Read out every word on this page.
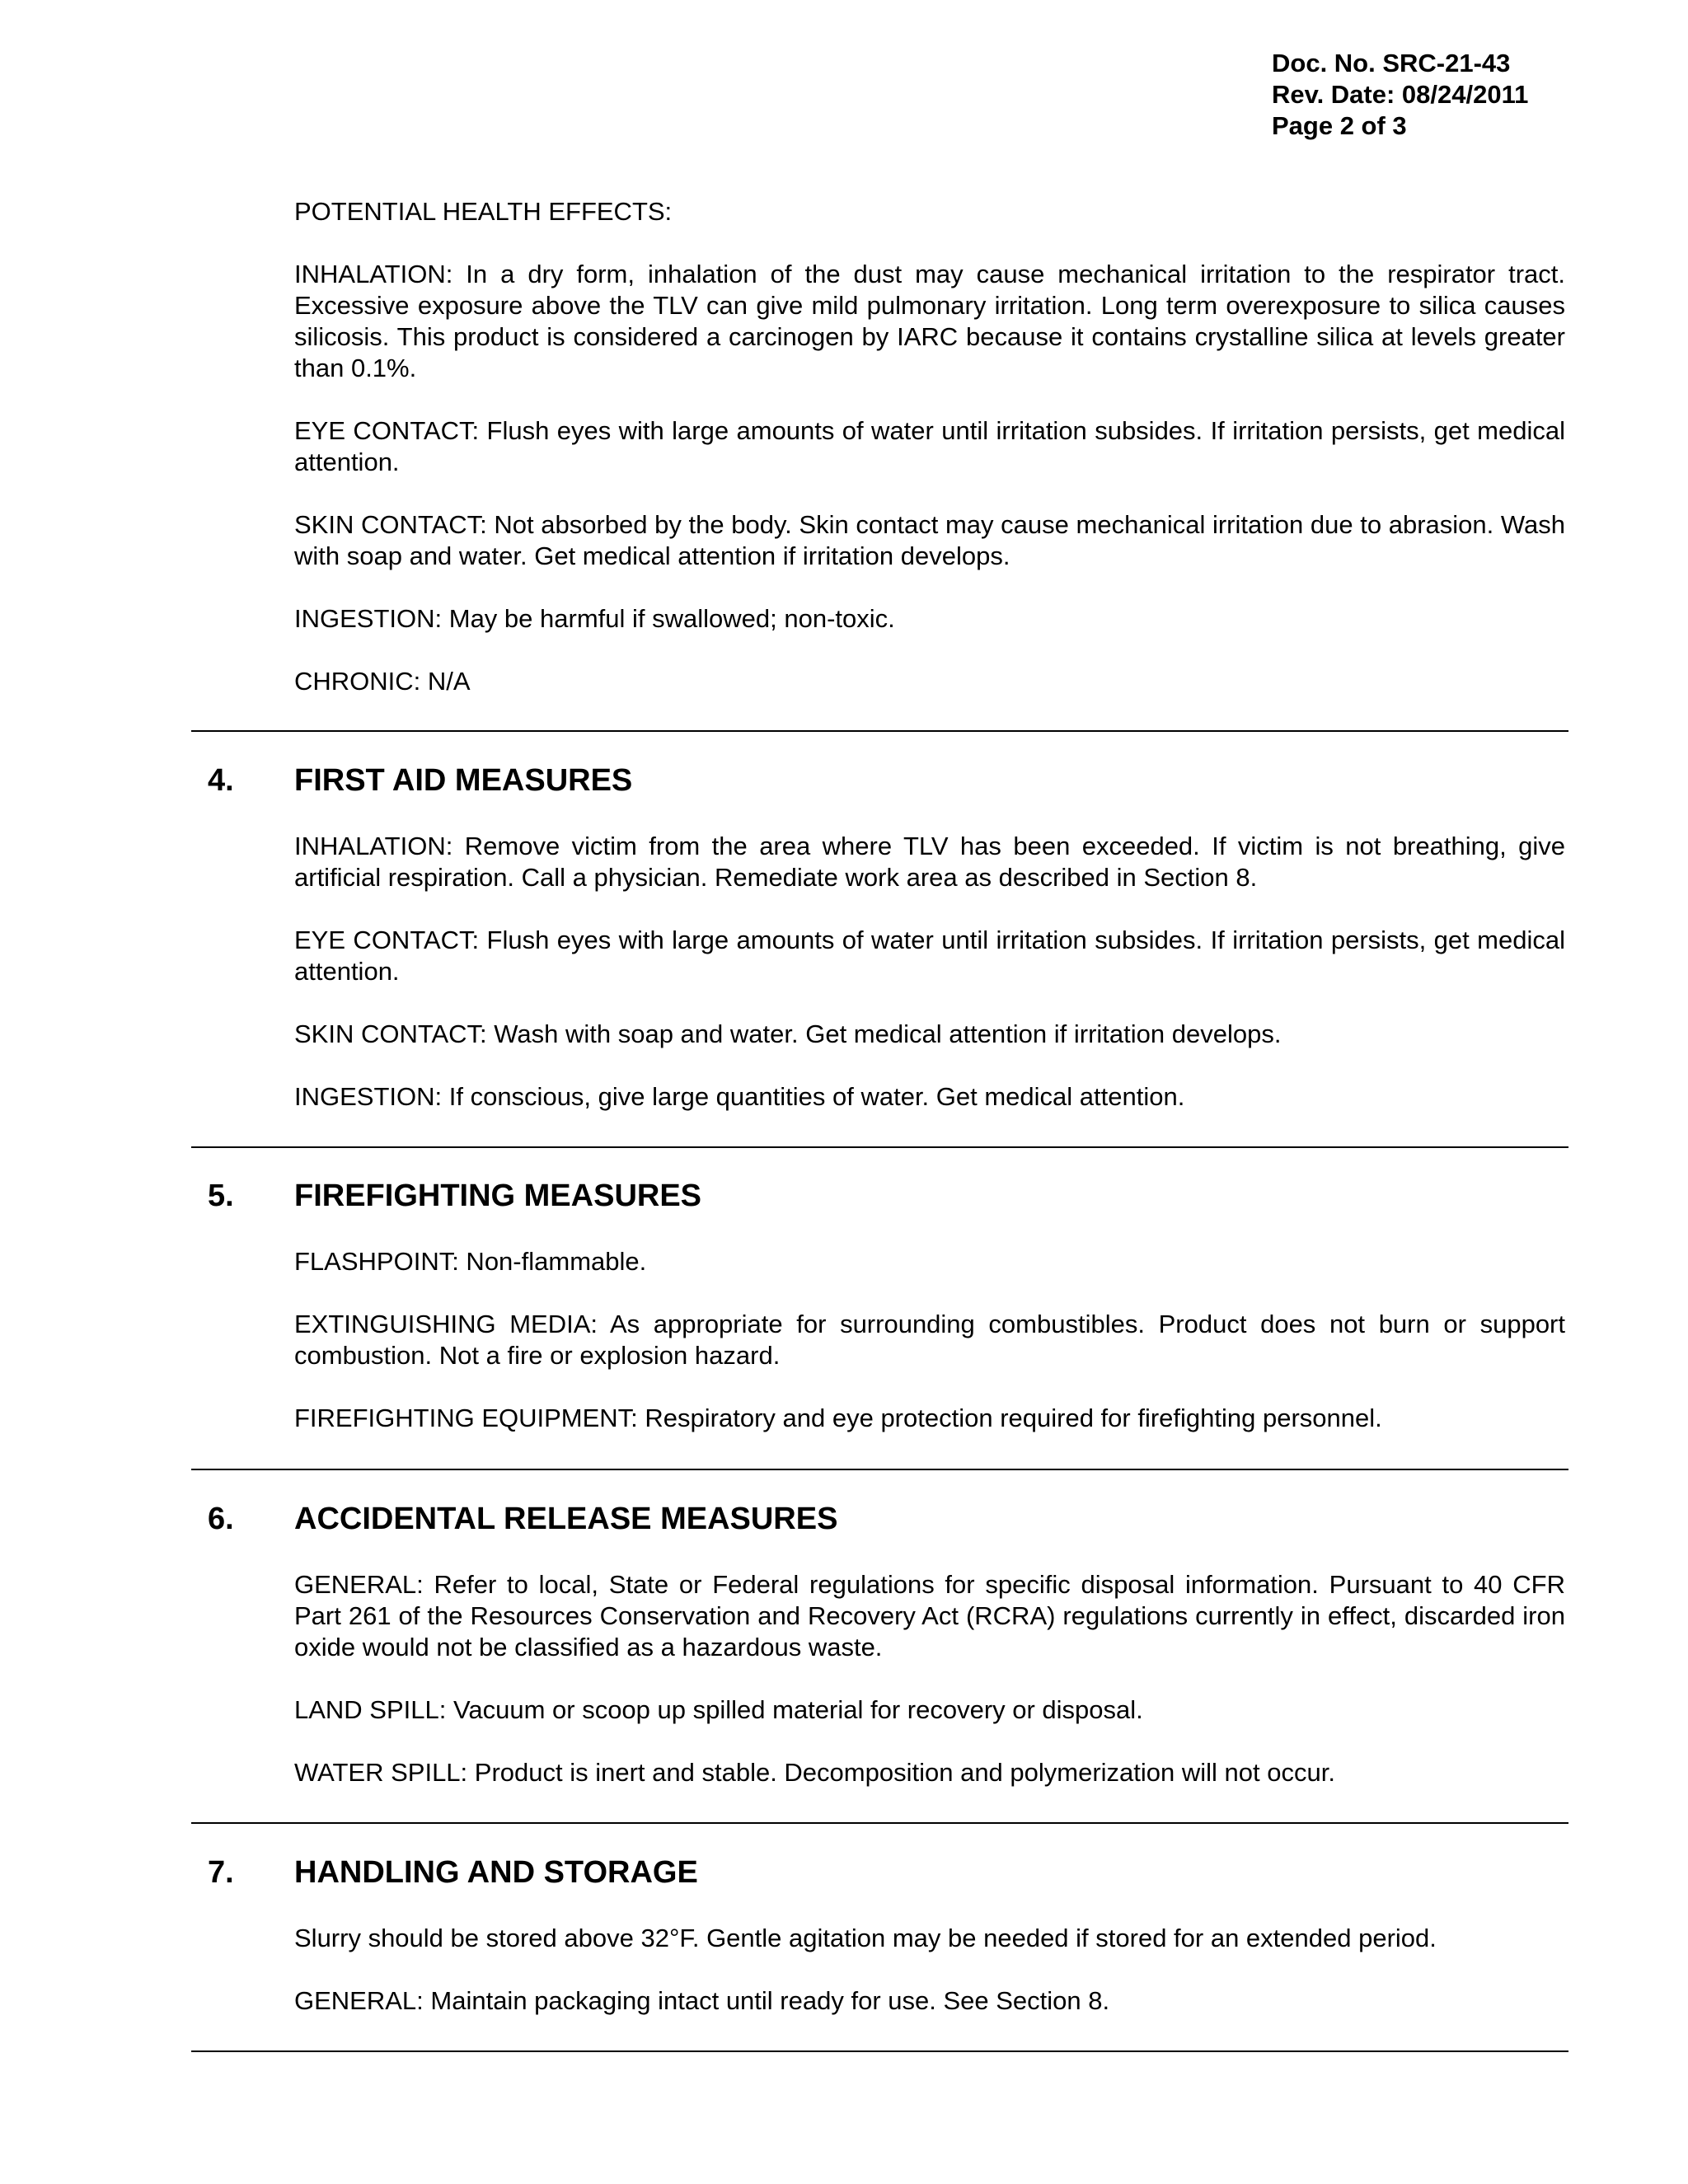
Doc. No. SRC-21-43
Rev. Date: 08/24/2011
Page 2 of 3
POTENTIAL HEALTH EFFECTS:
INHALATION: In a dry form, inhalation of the dust may cause mechanical irritation to the respirator tract. Excessive exposure above the TLV can give mild pulmonary irritation. Long term overexposure to silica causes silicosis. This product is considered a carcinogen by IARC because it contains crystalline silica at levels greater than 0.1%.
EYE CONTACT: Flush eyes with large amounts of water until irritation subsides. If irritation persists, get medical attention.
SKIN CONTACT: Not absorbed by the body. Skin contact may cause mechanical irritation due to abrasion. Wash with soap and water. Get medical attention if irritation develops.
INGESTION: May be harmful if swallowed; non-toxic.
CHRONIC: N/A
4. FIRST AID MEASURES
INHALATION: Remove victim from the area where TLV has been exceeded. If victim is not breathing, give artificial respiration. Call a physician. Remediate work area as described in Section 8.
EYE CONTACT: Flush eyes with large amounts of water until irritation subsides. If irritation persists, get medical attention.
SKIN CONTACT: Wash with soap and water. Get medical attention if irritation develops.
INGESTION: If conscious, give large quantities of water. Get medical attention.
5. FIREFIGHTING MEASURES
FLASHPOINT: Non-flammable.
EXTINGUISHING MEDIA: As appropriate for surrounding combustibles. Product does not burn or support combustion. Not a fire or explosion hazard.
FIREFIGHTING EQUIPMENT: Respiratory and eye protection required for firefighting personnel.
6. ACCIDENTAL RELEASE MEASURES
GENERAL: Refer to local, State or Federal regulations for specific disposal information. Pursuant to 40 CFR Part 261 of the Resources Conservation and Recovery Act (RCRA) regulations currently in effect, discarded iron oxide would not be classified as a hazardous waste.
LAND SPILL: Vacuum or scoop up spilled material for recovery or disposal.
WATER SPILL: Product is inert and stable. Decomposition and polymerization will not occur.
7. HANDLING AND STORAGE
Slurry should be stored above 32°F. Gentle agitation may be needed if stored for an extended period.
GENERAL: Maintain packaging intact until ready for use. See Section 8.
